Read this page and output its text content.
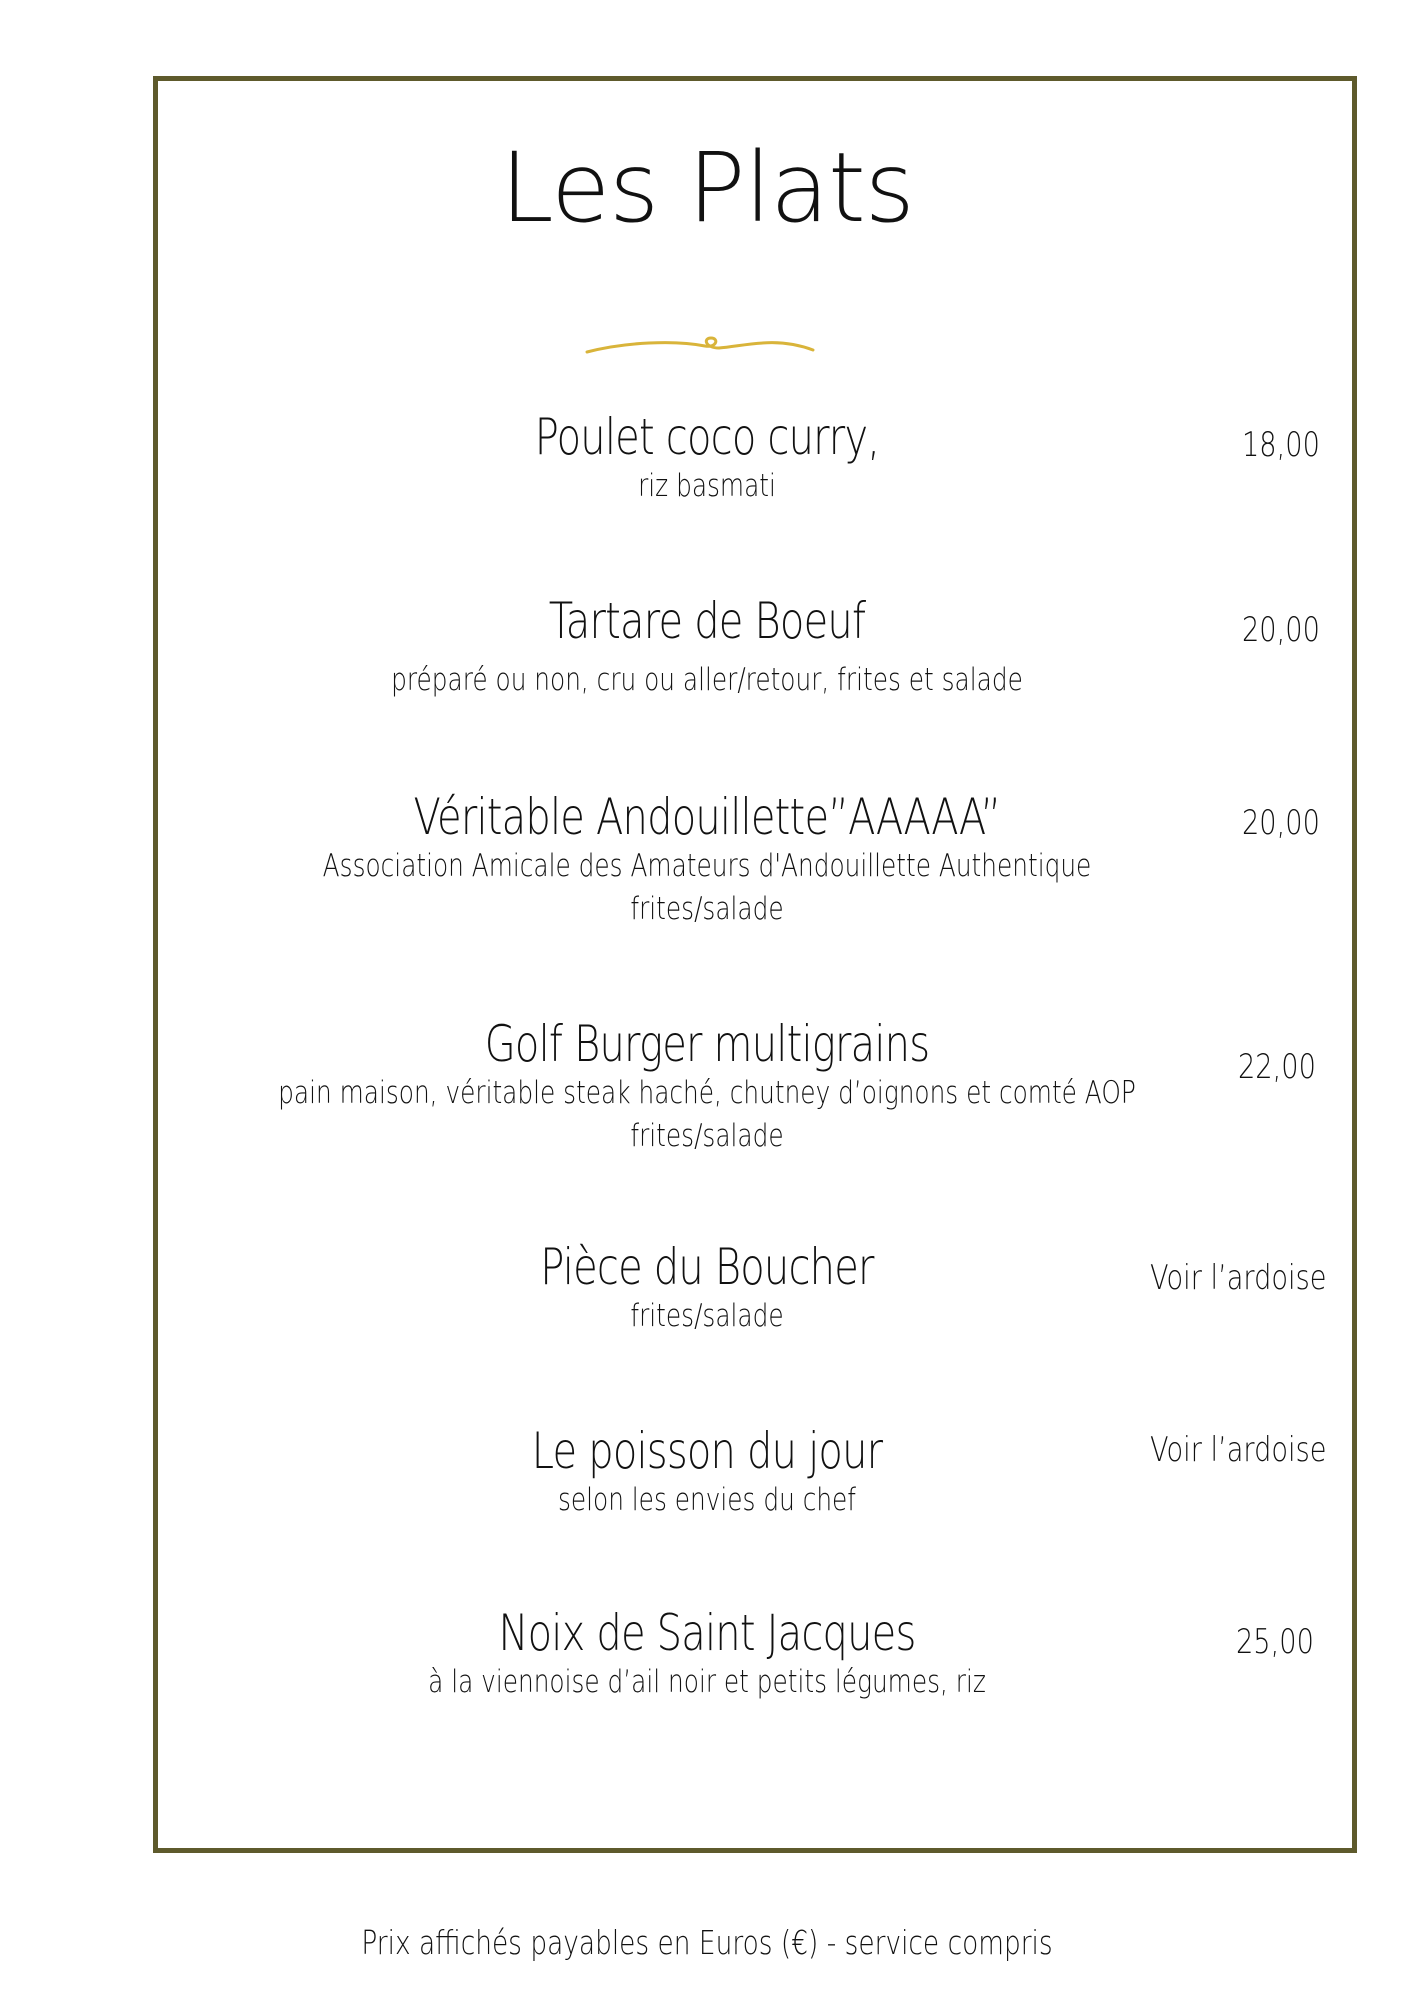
Les Plats
Poulet coco curry,
riz basmati
18,00
Tartare de Boeuf
préparé ou non, cru ou aller/retour, frites et salade
20,00
Véritable Andouillette”AAAAA”
Association Amicale des Amateurs d'Andouillette Authentique
frites/salade
20,00
Golf Burger multigrains
pain maison, véritable steak haché, chutney d’oignons et comté AOP
frites/salade
22,00
Pièce du Boucher
frites/salade
Voir l’ardoise
Le poisson du jour
selon les envies du chef
Voir l’ardoise
Noix de Saint Jacques
à la viennoise d’ail noir et petits légumes, riz
25,00
Prix affichés payables en Euros (€) - service compris
